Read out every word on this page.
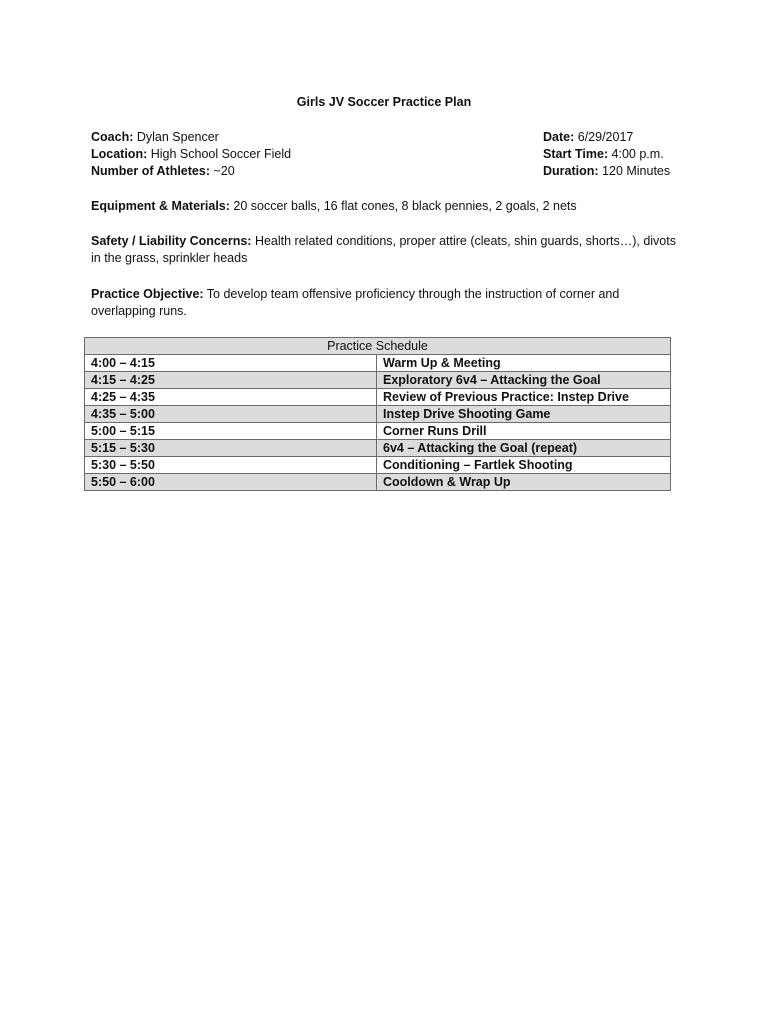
Girls JV Soccer Practice Plan
Coach: Dylan Spencer	Date: 6/29/2017
Location: High School Soccer Field	Start Time: 4:00 p.m.
Number of Athletes: ~20	Duration: 120 Minutes
Equipment & Materials: 20 soccer balls, 16 flat cones, 8 black pennies, 2 goals, 2 nets
Safety / Liability Concerns: Health related conditions, proper attire (cleats, shin guards, shorts…), divots in the grass, sprinkler heads
Practice Objective: To develop team offensive proficiency through the instruction of corner and overlapping runs.
Practice Schedule	
4:00 – 4:15	Warm Up & Meeting
4:15 – 4:25	Exploratory 6v4 – Attacking the Goal
4:25 – 4:35	Review of Previous Practice: Instep Drive
4:35 – 5:00	Instep Drive Shooting Game
5:00 – 5:15	Corner Runs Drill
5:15 – 5:30	6v4 – Attacking the Goal (repeat)
5:30 – 5:50	Conditioning – Fartlek Shooting
5:50 – 6:00	Cooldown & Wrap Up
